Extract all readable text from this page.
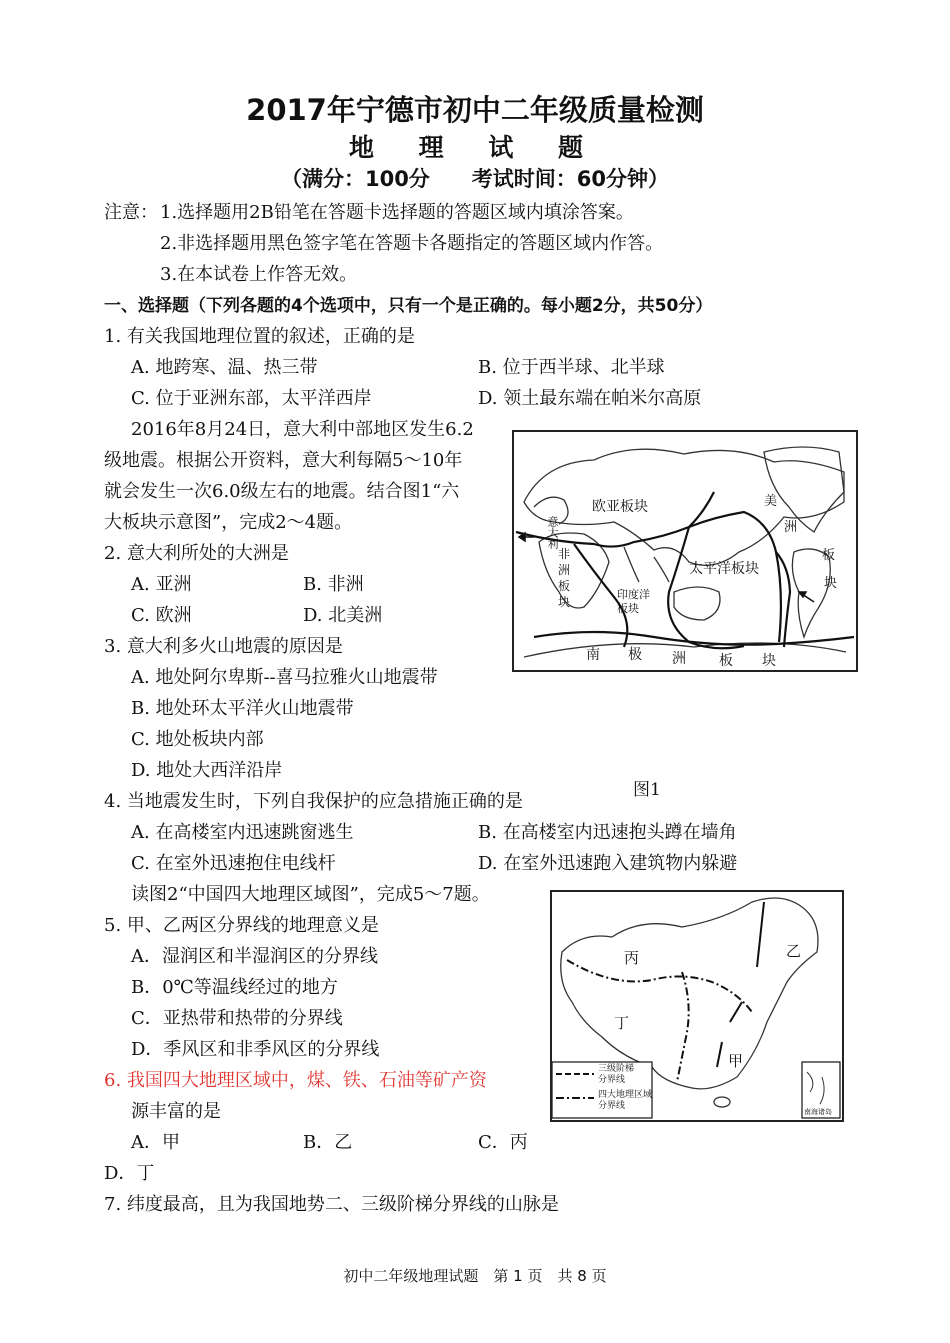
2017年宁德市初中二年级质量检测
地 理 试 题
（满分：100分　　考试时间：60分钟）
注意： 1.选择题用2B铅笔在答题卡选择题的答题区域内填涂答案。
2.非选择题用黑色签字笔在答题卡各题指定的答题区域内作答。
3.在本试卷上作答无效。
一、选择题（下列各题的4个选项中，只有一个是正确的。每小题2分，共50分）
1. 有关我国地理位置的叙述，正确的是
A. 地跨寒、温、热三带	B. 位于西半球、北半球
C. 位于亚洲东部，太平洋西岸	D. 领土最东端在帕米尔高原
2016年8月24日，意大利中部地区发生6.2
级地震。根据公开资料，意大利每隔5～10年
就会发生一次6.0级左右的地震。结合图1“六
大板块示意图”，完成2～4题。
2. 意大利所处的大洲是
A. 亚洲	B. 非洲
C. 欧洲	D. 北美洲
3. 意大利多火山地震的原因是
A. 地处阿尔卑斯--喜马拉雅火山地震带
B. 地处环太平洋火山地震带
C. 地处板块内部
D. 地处大西洋沿岸
欧亚板块
太平洋板块
意大利
非
洲
板
块
印度洋
板块
美
洲
板
块
南 极 洲 板 块
图1
4. 当地震发生时，下列自我保护的应急措施正确的是
A. 在高楼室内迅速跳窗逃生	B. 在高楼室内迅速抱头蹲在墙角
C. 在室外迅速抱住电线杆	D. 在室外迅速跑入建筑物内躲避
读图2“中国四大地理区域图”，完成5～7题。
5. 甲、乙两区分界线的地理意义是
A．湿润区和半湿润区的分界线
B．0℃等温线经过的地方
C．亚热带和热带的分界线
D．季风区和非季风区的分界线
丙	乙
丁
甲
三级阶梯
分界线
四大地理区域
分界线
南海诸岛
6. 我国四大地理区域中，煤、铁、石油等矿产资
源丰富的是
A．甲	B．乙	C．丙
D．丁
7. 纬度最高，且为我国地势二、三级阶梯分界线的山脉是
初中二年级地理试题　第 1 页　共 8 页
